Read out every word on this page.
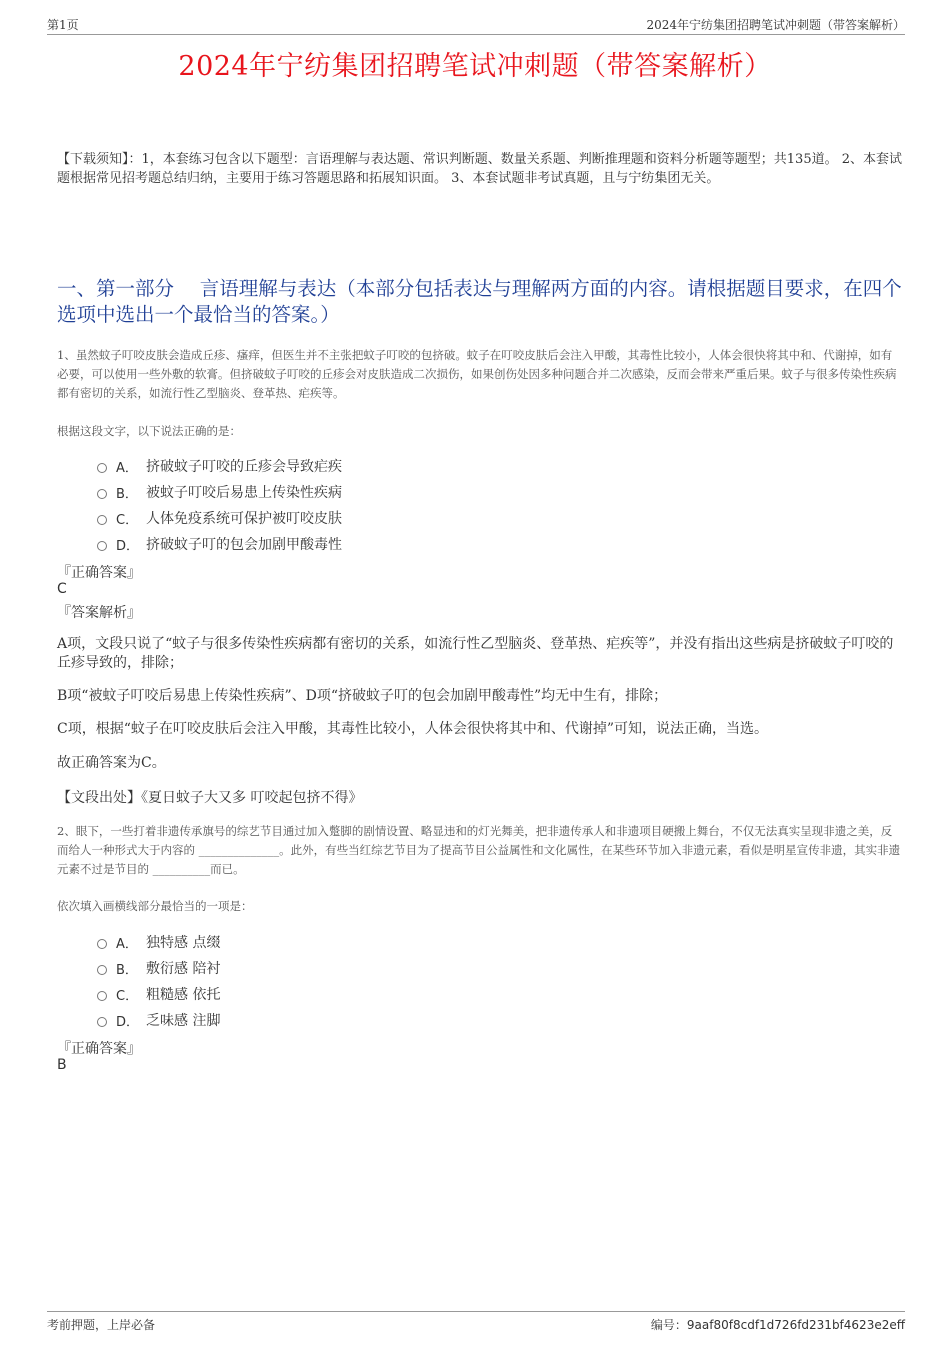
第1页	2024年宁纺集团招聘笔试冲刺题（带答案解析）
2024年宁纺集团招聘笔试冲刺题（带答案解析）
【下载须知】：1，本套练习包含以下题型：言语理解与表达题、常识判断题、数量关系题、判断推理题和资料分析题等题型；共135道。 2、本套试题根据常见招考题总结归纳，主要用于练习答题思路和拓展知识面。 3、本套试题非考试真题，且与宁纺集团无关。
一、第一部分　 言语理解与表达（本部分包括表达与理解两方面的内容。请根据题目要求，在四个选项中选出一个最恰当的答案。）
1、虽然蚊子叮咬皮肤会造成丘疹、瘙痒，但医生并不主张把蚊子叮咬的包挤破。蚊子在叮咬皮肤后会注入甲酸，其毒性比较小，人体会很快将其中和、代谢掉，如有必要，可以使用一些外敷的软膏。但挤破蚊子叮咬的丘疹会对皮肤造成二次损伤，如果创伤处因多种问题合并二次感染，反而会带来严重后果。蚊子与很多传染性疾病都有密切的关系，如流行性乙型脑炎、登革热、疟疾等。
根据这段文字，以下说法正确的是：
A． 挤破蚊子叮咬的丘疹会导致疟疾
B． 被蚊子叮咬后易患上传染性疾病
C． 人体免疫系统可保护被叮咬皮肤
D． 挤破蚊子叮的包会加剧甲酸毒性
『正确答案』
C
『答案解析』
A项，文段只说了“蚊子与很多传染性疾病都有密切的关系，如流行性乙型脑炎、登革热、疟疾等”，并没有指出这些病是挤破蚊子叮咬的丘疹导致的，排除；
B项“被蚊子叮咬后易患上传染性疾病”、D项“挤破蚊子叮的包会加剧甲酸毒性”均无中生有，排除；
C项，根据“蚊子在叮咬皮肤后会注入甲酸，其毒性比较小，人体会很快将其中和、代谢掉”可知，说法正确，当选。
故正确答案为C。
【文段出处】《夏日蚊子大又多 叮咬起包挤不得》
2、眼下，一些打着非遗传承旗号的综艺节目通过加入蹩脚的剧情设置、略显违和的灯光舞美，把非遗传承人和非遗项目硬搬上舞台，不仅无法真实呈现非遗之美，反而给人一种形式大于内容的 ______________。此外，有些当红综艺节目为了提高节目公益属性和文化属性，在某些环节加入非遗元素，看似是明星宣传非遗，其实非遗元素不过是节目的 __________而已。
依次填入画横线部分最恰当的一项是：
A． 独特感 点缀
B． 敷衍感 陪衬
C． 粗糙感 依托
D． 乏味感 注脚
『正确答案』
B
考前押题，上岸必备	编号：9aaf80f8cdf1d726fd231bf4623e2eff
